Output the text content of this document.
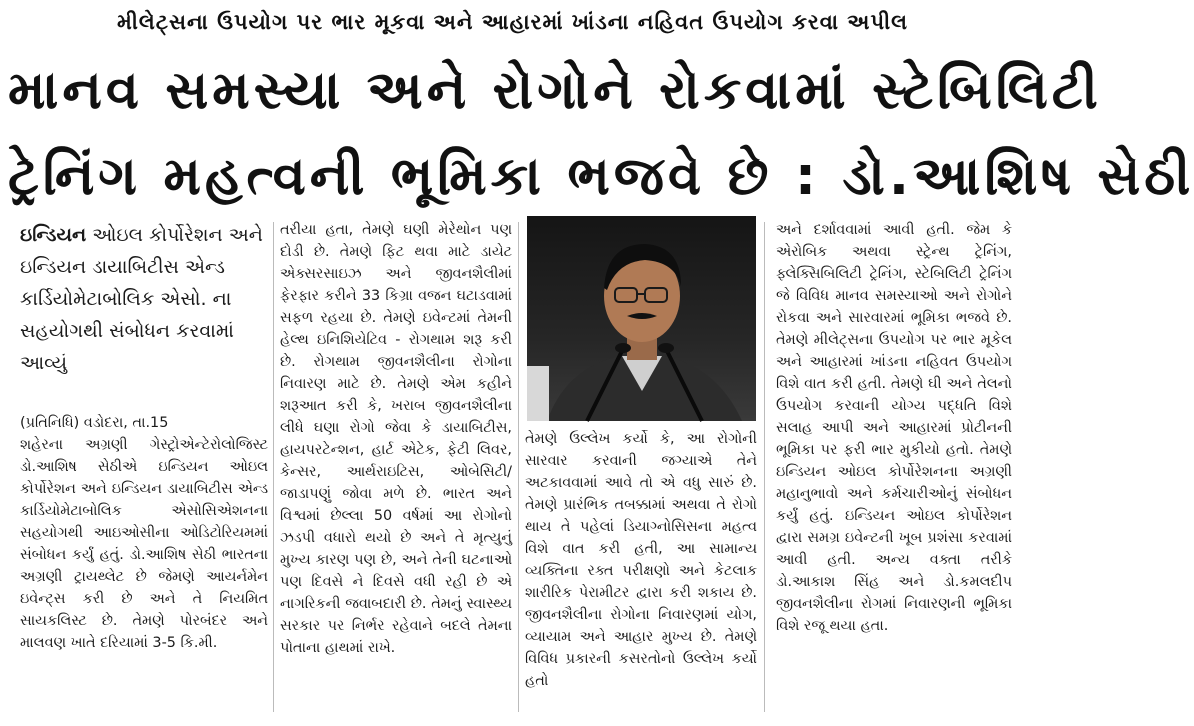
મીલેટ્સના ઉપયોગ પર ભાર મૂકવા અને આહારમાં ખાંડના નહિવત ઉપયોગ કરવા અપીલ
માનવ સમસ્યા અને રોગોને રોકવામાં સ્ટેબિલિટી
ટ્રેનિંગ મહત્વની ભૂમિકા ભજવે છે : ડો.આશિષ સેઠી
ઇન્ડિયન ઓઇલ કોર્પોરેશન અને ઇન્ડિયન ડાયાબિટીસ એન્ડ કાર્ડિયોમેટાબોલિક એસો. ના સહયોગથી સંબોધન કરવામાં આવ્યું

(પ્રતિનિધિ) વડોદરા, તા.15

શહેરના અગ્રણી ગેસ્ટ્રોએન્ટેરોલોજિસ્ટ ડો.આશિષ સેઠીએ ઇન્ડિયન ઓઇલ કોર્પોરેશન અને ઇન્ડિયન ડાયાબિટીસ એન્ડ કાર્ડિયોમેટાબોલિક એસોસિએશનના સહયોગથી આઇઓસીના ઓડિટોરિયમમાં સંબોધન કર્યું હતું. ડો.આશિષ સેઠી ભારતના અગ્રણી ટ્રાયથ્લેટ છે જેમણે આયર્નમેન ઇવેન્ટ્સ કરી છે અને તે નિયમિત સાયકલિસ્ટ છે. તેમણે પોરબંદર અને માલવણ ખાતે દરિયામાં 3-5 કિ.મી.

તરીયા હતા, તેમણે ઘણી મેરેથોન પણ દોડી છે. તેમણે ફિટ થવા માટે ડાયેટ એક્સરસાઇઝ અને જીવનશૈલીમાં ફેરફાર કરીને 33 કિગ્રા વજન ઘટાડવામાં સફળ રહયા છે. તેમણે ઇવેન્ટમાં તેમની હેલ્થ ઇનિશિયેટિવ - રોગથામ શરૂ કરી છે. રોગથામ જીવનશૈલીના રોગોના નિવારણ માટે છે. તેમણે એમ કહીને શરૂઆત કરી કે, ખરાબ જીવનશૈલીના લીધે ઘણા રોગો જેવા કે ડાયાબિટીસ, હાયપરટેન્શન, હાર્ટ એટેક, ફેટી લિવર, કેન્સર, આર્થરાઇટિસ, ઓબેસિટી/ જાડાપણું જોવા મળે છે. ભારત અને વિશ્વમાં છેલ્લા 50 વર્ષમાં આ રોગોનો ઝડપી વધારો થયો છે અને તે મૃત્યુનું મુખ્ય કારણ પણ છે, અને તેની ઘટનાઓ પણ દિવસે ને દિવસે વધી રહી છે એ નાગરિકની જવાબદારી છે. તેમનું સ્વાસ્થ્ય સરકાર પર નિર્ભર રહેવાને બદલે તેમના પોતાના હાથમાં રાખે.
તેમણે ઉલ્લેખ કર્યો કે, આ રોગોની સારવાર કરવાની જગ્યાએ તેને અટકાવવામાં આવે તો એ વધુ સારું છે. તેમણે પ્રારંભિક તબક્કામાં અથવા તે રોગો થાય તે પહેલાં ડિયાગ્નોસિસના મહત્વ વિશે વાત કરી હતી, આ સામાન્ય વ્યક્તિના રક્ત પરીક્ષણો અને કેટલાક શારીરિક પેરામીટર દ્વારા કરી શકાય છે. જીવનશૈલીના રોગોના નિવારણમાં યોગ, વ્યાયામ અને આહાર મુખ્ય છે. તેમણે વિવિધ પ્રકારની કસરતોનો ઉલ્લેખ કર્યો હતો
અને દર્શાવવામાં આવી હતી. જેમ કે એરોબિક અથવા સ્ટ્રેન્થ ટ્રેનિંગ, ફ્લેક્સિબિલિટી ટ્રેનિંગ, સ્ટેબિલિટી ટ્રેનિંગ જે વિવિધ માનવ સમસ્યાઓ અને રોગોને રોકવા અને સારવારમાં ભૂમિકા ભજવે છે. તેમણે મીલેટ્સના ઉપયોગ પર ભાર મૂકેલ અને આહારમાં ખાંડના નહિવત ઉપયોગ વિશે વાત કરી હતી. તેમણે ઘી અને તેલનો ઉપયોગ કરવાની યોગ્ય પદ્ધતિ વિશે સલાહ આપી અને આહારમાં પ્રોટીનની ભૂમિકા પર ફરી ભાર મુકીયો હતો. તેમણે ઇન્ડિયન ઓઇલ કોર્પોરેશનના અગ્રણી મહાનુભાવો અને કર્મચારીઓનું સંબોધન કર્યું હતું. ઇન્ડિયન ઓઇલ કોર્પોરેશન દ્વારા સમગ્ર ઇવેન્ટની ખૂબ પ્રશંસા કરવામાં આવી હતી. અન્ય વક્તા તરીકે ડો.આકાશ સિંહ અને ડો.કમલદીપ જીવનશૈલીના રોગમાં નિવારણની ભૂમિકા વિશે રજૂ થયા હતા.
